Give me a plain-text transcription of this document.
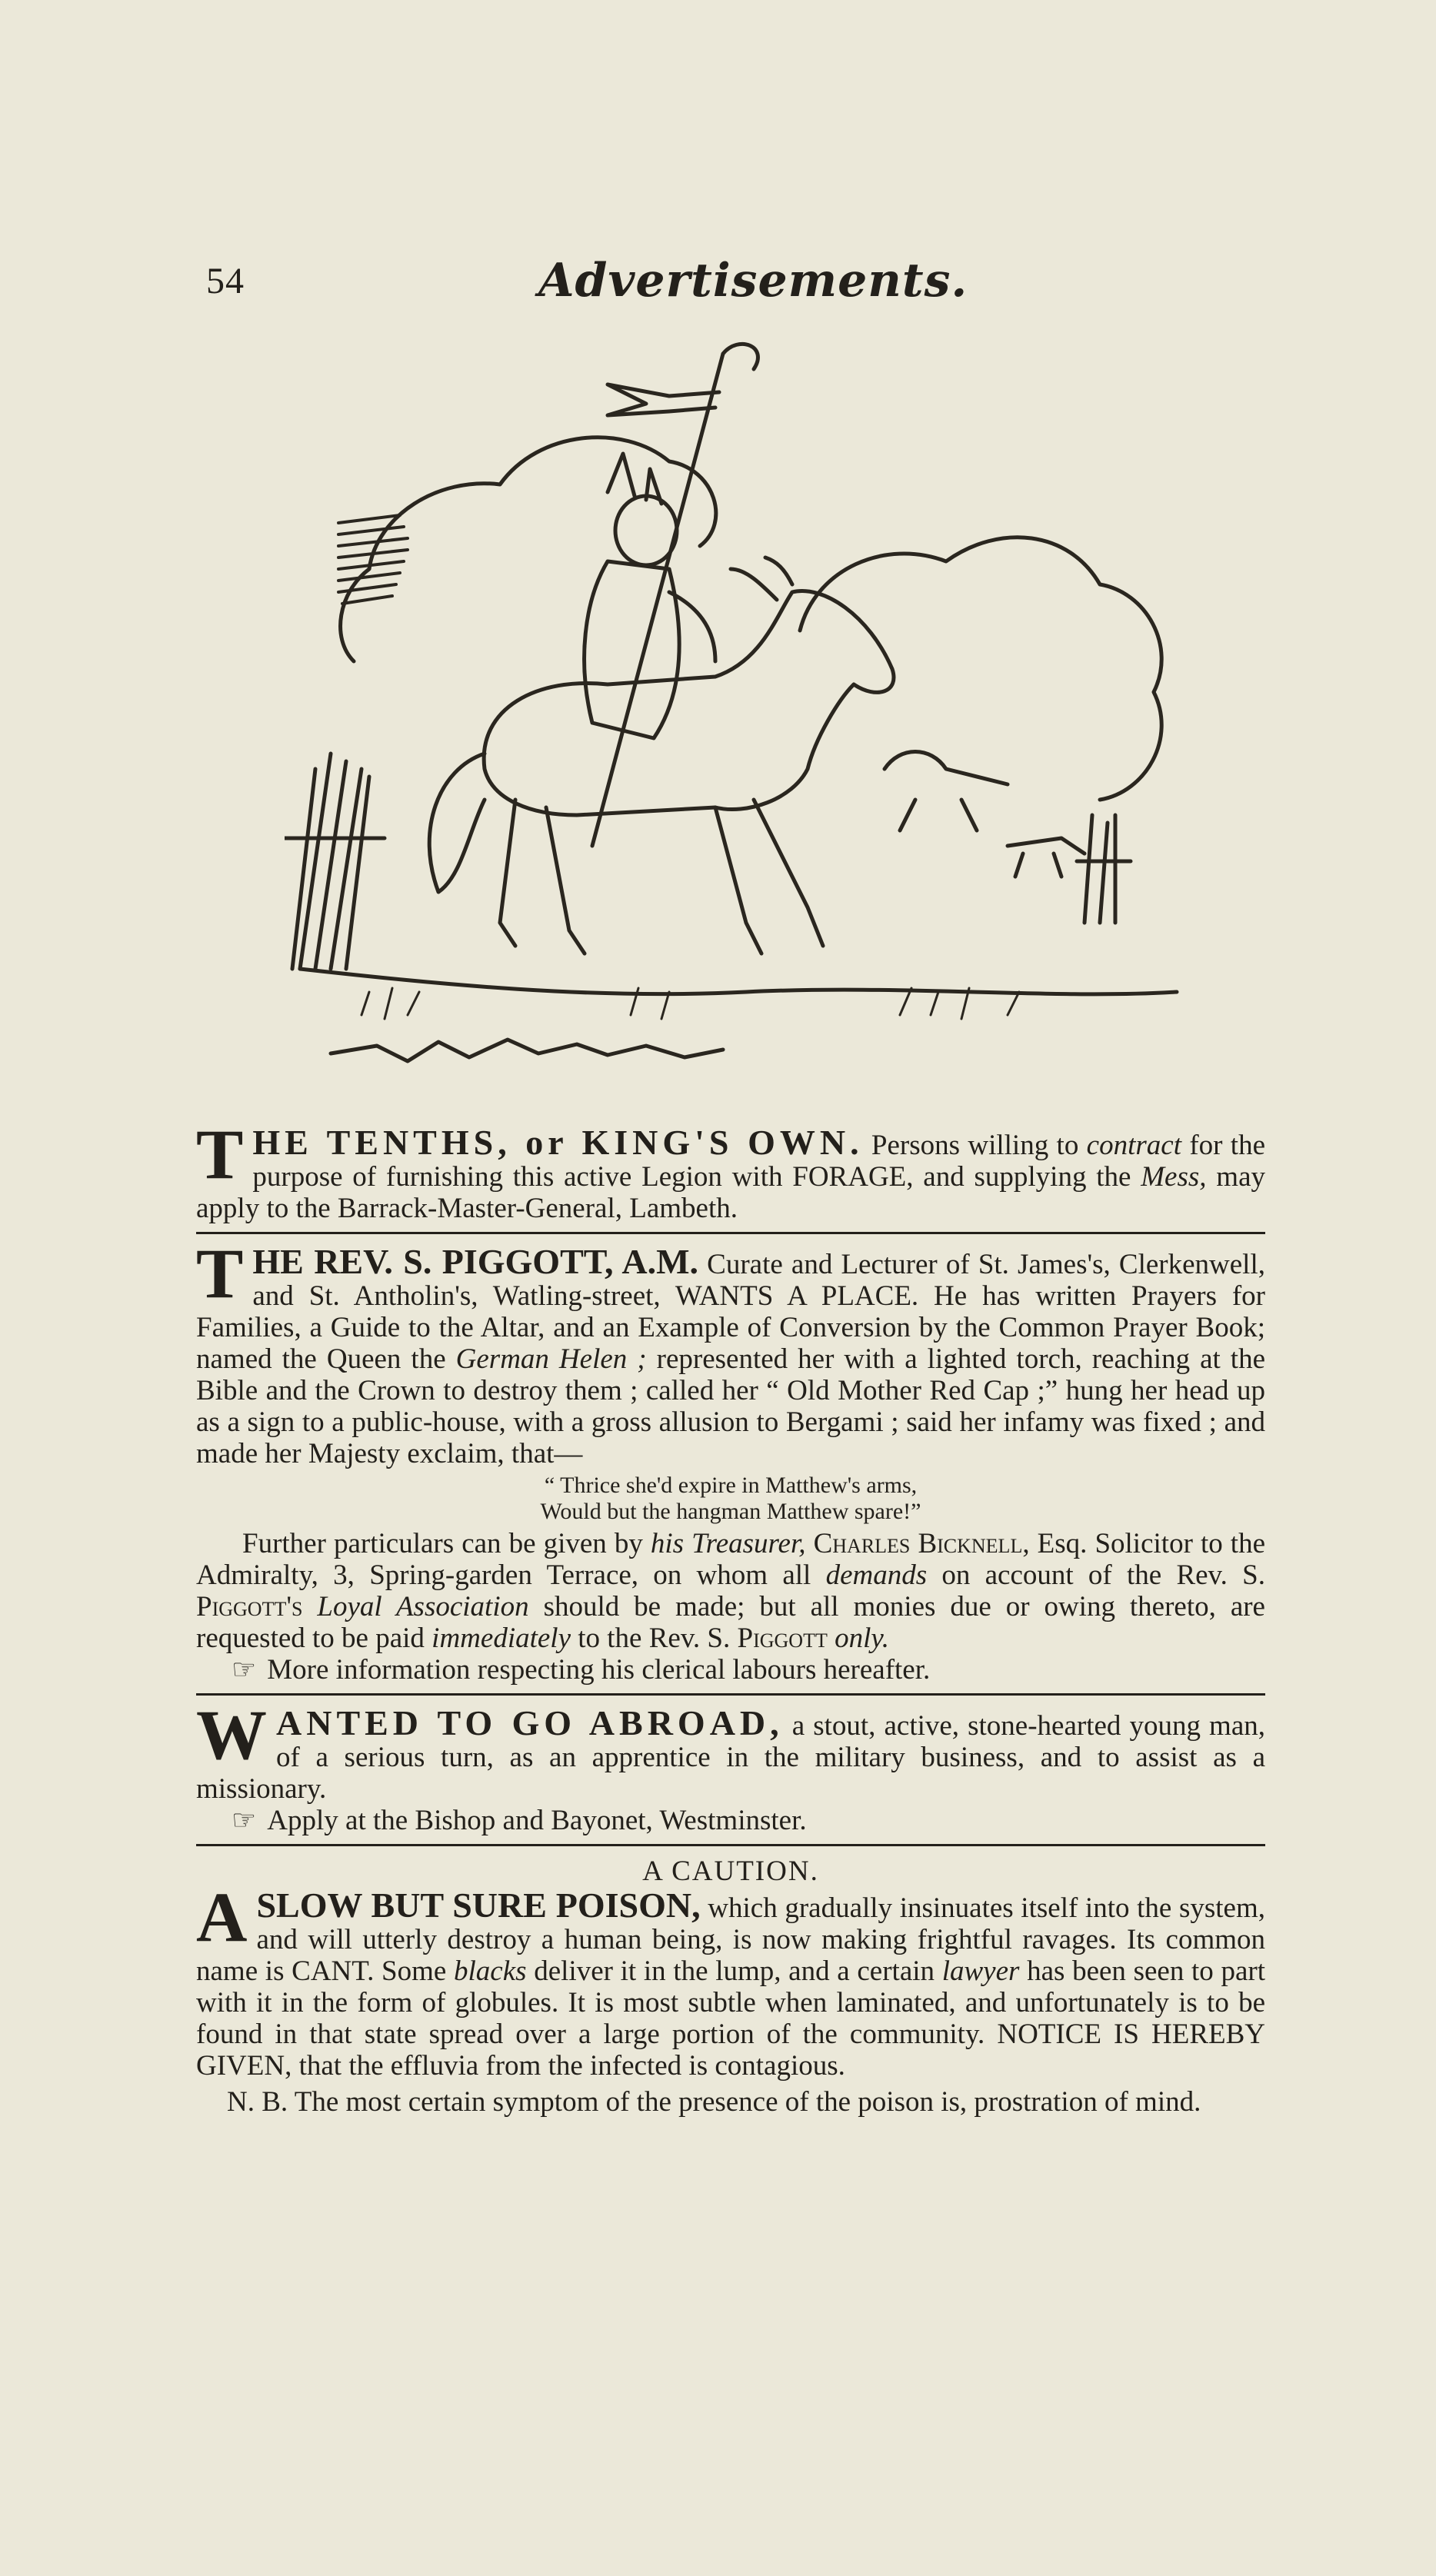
54	Advertisements.

THE TENTHS, or KING'S OWN. Persons willing to contract for the purpose of furnishing this active Legion with FORAGE, and supplying the Mess, may apply to the Barrack-Master-General, Lambeth.

THE REV. S. PIGGOTT, A.M. Curate and Lecturer of St. James's, Clerkenwell, and St. Antholin's, Watling-street, WANTS A PLACE. He has written Prayers for Families, a Guide to the Altar, and an Example of Conversion by the Common Prayer Book; named the Queen the German Helen ; represented her with a lighted torch, reaching at the Bible and the Crown to destroy them ; called her “ Old Mother Red Cap ;” hung her head up as a sign to a public-house, with a gross allusion to Bergami ; said her infamy was fixed ; and made her Majesty exclaim, that—

“ Thrice she'd expire in Matthew's arms,
Would but the hangman Matthew spare!”

Further particulars can be given by his Treasurer, Charles Bicknell, Esq. Solicitor to the Admiralty, 3, Spring-garden Terrace, on whom all demands on account of the Rev. S. Piggott's Loyal Association should be made; but all monies due or owing thereto, are requested to be paid immediately to the Rev. S. Piggott only.

☞ More information respecting his clerical labours hereafter.

WANTED TO GO ABROAD, a stout, active, stone-hearted young man, of a serious turn, as an apprentice in the military business, and to assist as a missionary.

☞ Apply at the Bishop and Bayonet, Westminster.

A CAUTION.

ASLOW BUT SURE POISON, which gradually insinuates itself into the system, and will utterly destroy a human being, is now making frightful ravages. Its common name is CANT. Some blacks deliver it in the lump, and a certain lawyer has been seen to part with it in the form of globules. It is most subtle when laminated, and unfortunately is to be found in that state spread over a large portion of the community. NOTICE IS HEREBY GIVEN, that the effluvia from the infected is contagious.

N. B. The most certain symptom of the presence of the poison is, prostration of mind.
